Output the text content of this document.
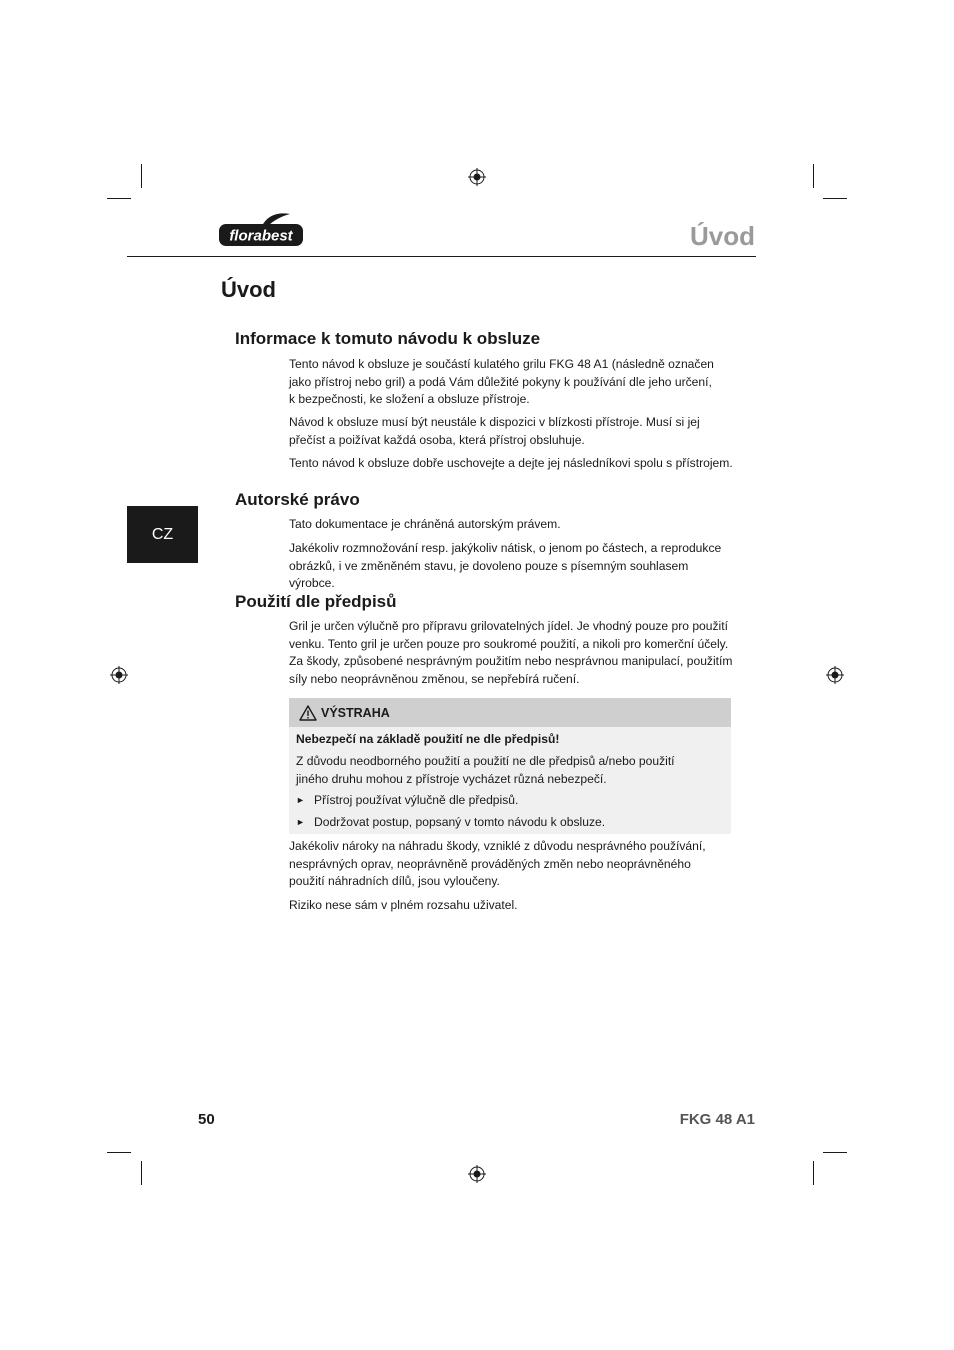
florabest	Úvod
CZ
Úvod
Informace k tomuto návodu k obsluze
Tento návod k obsluze je součástí kulatého grilu FKG 48 A1 (následně označen
jako přístroj nebo gril) a podá Vám důležité pokyny k používání dle jeho určení,
k bezpečnosti, ke složení a obsluze přístroje.
Návod k obsluze musí být neustále k dispozici v blízkosti přístroje. Musí si jej
přečíst a poižívat každá osoba, která přístroj obsluhuje.
Tento návod k obsluze dobře uschovejte a dejte jej následníkovi spolu s přístrojem.
Autorské právo
Tato dokumentace je chráněná autorským právem.
Jakékoliv rozmnožování resp. jakýkoliv nátisk, o jenom po částech, a reprodukce
obrázků, i ve změněném stavu, je dovoleno pouze s písemným souhlasem výrobce.
Použití dle předpisů
Gril je určen výlučně pro přípravu grilovatelných jídel. Je vhodný pouze pro použití
venku. Tento gril je určen pouze pro soukromé použití, a nikoli pro komerční účely.
Za škody, způsobené nesprávným použitím nebo nesprávnou manipulací, použitím
síly nebo neoprávněnou změnou, se nepřebírá ručení.
VÝSTRAHA
Nebezpečí na základě použití ne dle předpisů!
Z důvodu neodborného použití a použití ne dle předpisů a/nebo použití
jiného druhu mohou z přístroje vycházet různá nebezpečí.
► Přístroj používat výlučně dle předpisů.
► Dodržovat postup, popsaný v tomto návodu k obsluze.
Jakékoliv nároky na náhradu škody, vzniklé z důvodu nesprávného používání,
nesprávných oprav, neoprávněně prováděných změn nebo neoprávněného
použití náhradních dílů, jsou vyloučeny.
Riziko nese sám v plném rozsahu uživatel.
50	FKG 48 A1
